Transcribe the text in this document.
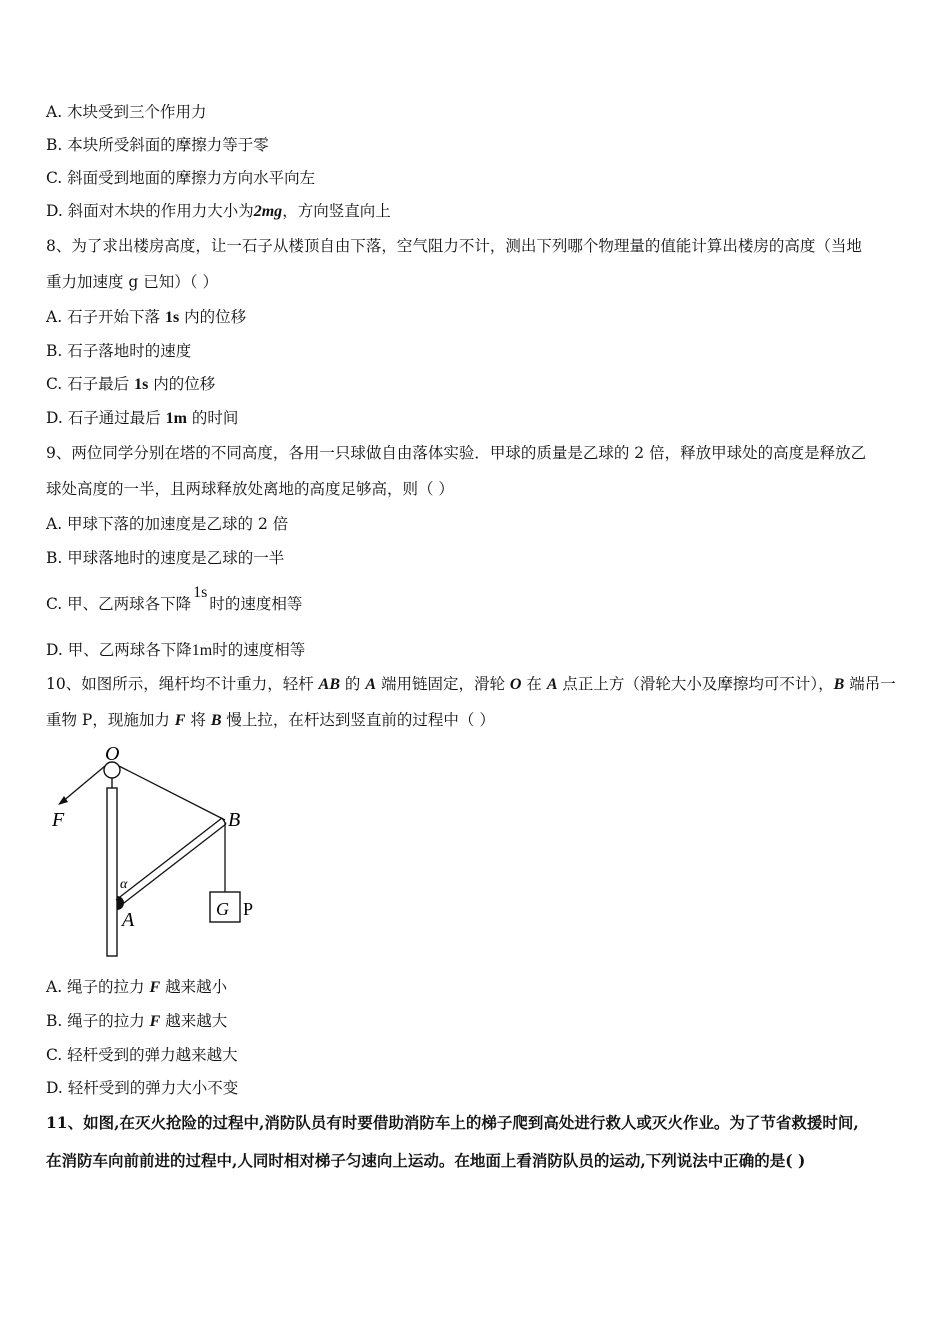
A. 木块受到三个作用力
B. 本块所受斜面的摩擦力等于零
C. 斜面受到地面的摩擦力方向水平向左
D. 斜面对木块的作用力大小为2mg，方向竖直向上
8、为了求出楼房高度，让一石子从楼顶自由下落，空气阻力不计，测出下列哪个物理量的值能计算出楼房的高度（当地
重力加速度 g 已知）（ ）
A. 石子开始下落 1s 内的位移
B. 石子落地时的速度
C. 石子最后 1s 内的位移
D. 石子通过最后 1m 的时间
9、两位同学分别在塔的不同高度，各用一只球做自由落体实验．甲球的质量是乙球的 2 倍，释放甲球处的高度是释放乙
球处高度的一半，且两球释放处离地的高度足够高，则（ ）
A. 甲球下落的加速度是乙球的 2 倍
B. 甲球落地时的速度是乙球的一半
C. 甲、乙两球各下降1s时的速度相等
D. 甲、乙两球各下降1m时的速度相等
10、如图所示，绳杆均不计重力，轻杆 AB 的 A 端用链固定，滑轮 O 在 A 点正上方（滑轮大小及摩擦均可不计），B 端吊一
重物 P，现施加力 F 将 B 慢上拉，在杆达到竖直前的过程中（ ）
O
F	B
α
A	G P
A. 绳子的拉力 F 越来越小
B. 绳子的拉力 F 越来越大
C. 轻杆受到的弹力越来越大
D. 轻杆受到的弹力大小不变
11、如图,在灭火抢险的过程中,消防队员有时要借助消防车上的梯子爬到高处进行救人或灭火作业。为了节省救援时间,
在消防车向前前进的过程中,人同时相对梯子匀速向上运动。在地面上看消防队员的运动,下列说法中正确的是( )
